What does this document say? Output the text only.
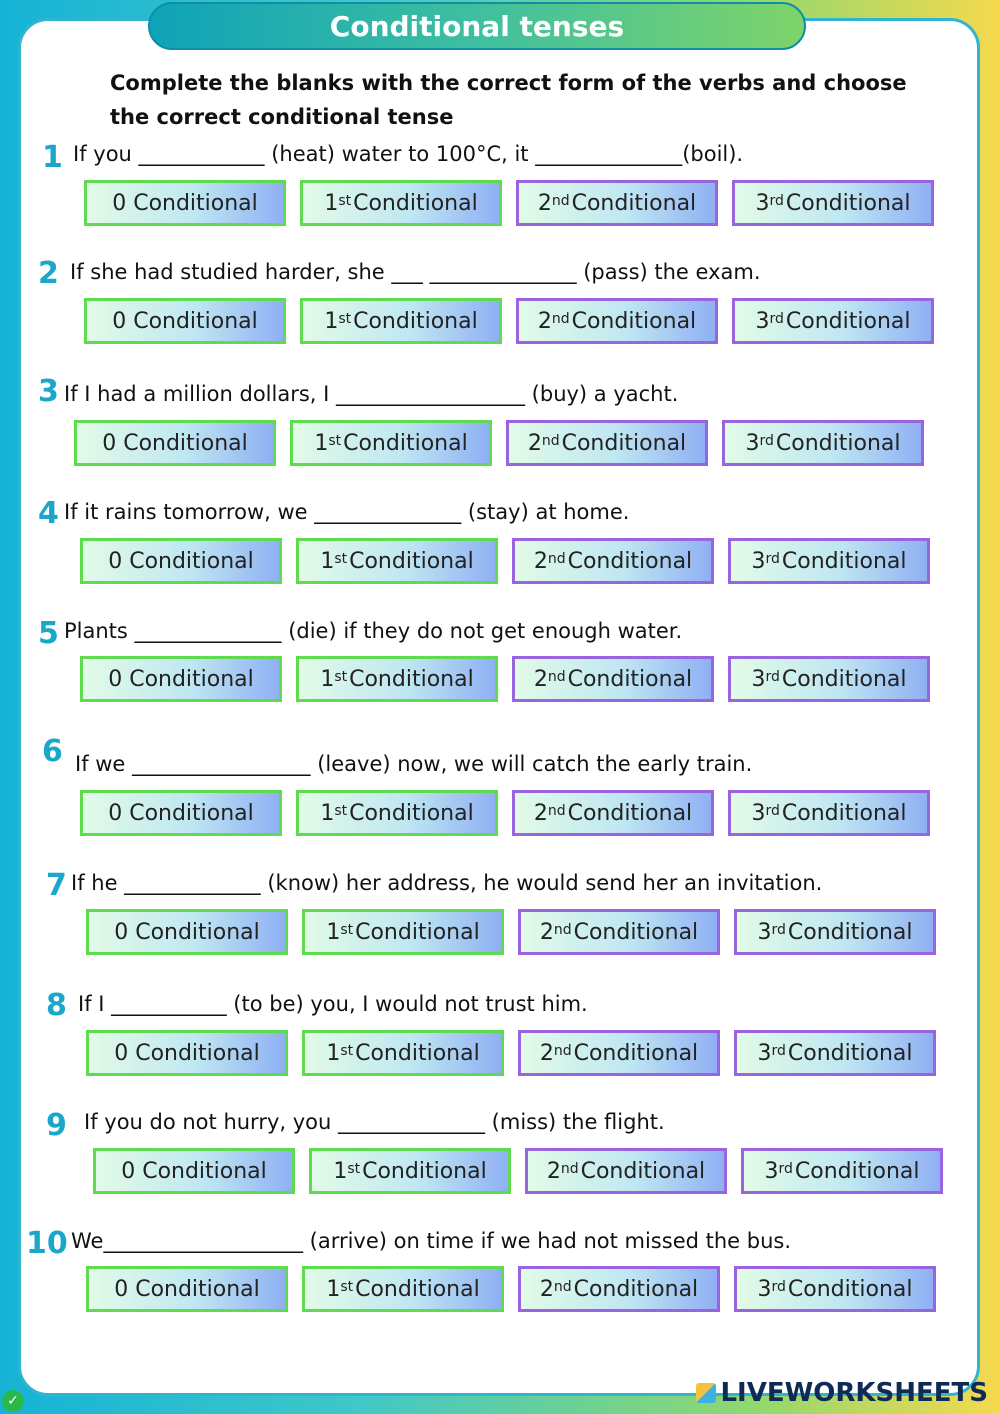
Conditional tenses
Complete the blanks with the correct form of the verbs and choose the correct conditional tense
1 If you ____________ (heat) water to 100°C, it ______________(boil).
0
Conditional	1st Conditional	2nd Conditional	3rd Conditional
2 If she had studied harder, she ___ ______________ (pass) the exam.
0
Conditional	1st Conditional	2nd Conditional	3rd Conditional
3 If I had a million dollars, I __________________ (buy) a yacht.
0
Conditional	1st Conditional	2nd Conditional	3rd Conditional
4 If it rains tomorrow, we ______________ (stay) at home.
0
Conditional	1st Conditional	2nd Conditional	3rd Conditional
5 Plants ______________ (die) if they do not get enough water.
0
Conditional	1st Conditional	2nd Conditional	3rd Conditional
6 If we _________________ (leave) now, we will catch the early train.
0
Conditional	1st Conditional	2nd Conditional	3rd Conditional
7 If he _____________ (know) her address, he would send her an invitation.
0
Conditional	1st Conditional	2nd Conditional	3rd Conditional
8 If I ___________ (to be) you, I would not trust him.
0
Conditional	1st Conditional	2nd Conditional	3rd Conditional
9 If you do not hurry, you ______________ (miss) the flight.
0
Conditional	1st Conditional	2nd Conditional	3rd Conditional
10 We___________________ (arrive) on time if we had not missed the bus.
0
Conditional	1st Conditional	2nd Conditional	3rd Conditional
LIVEWORKSHEETS
✓
